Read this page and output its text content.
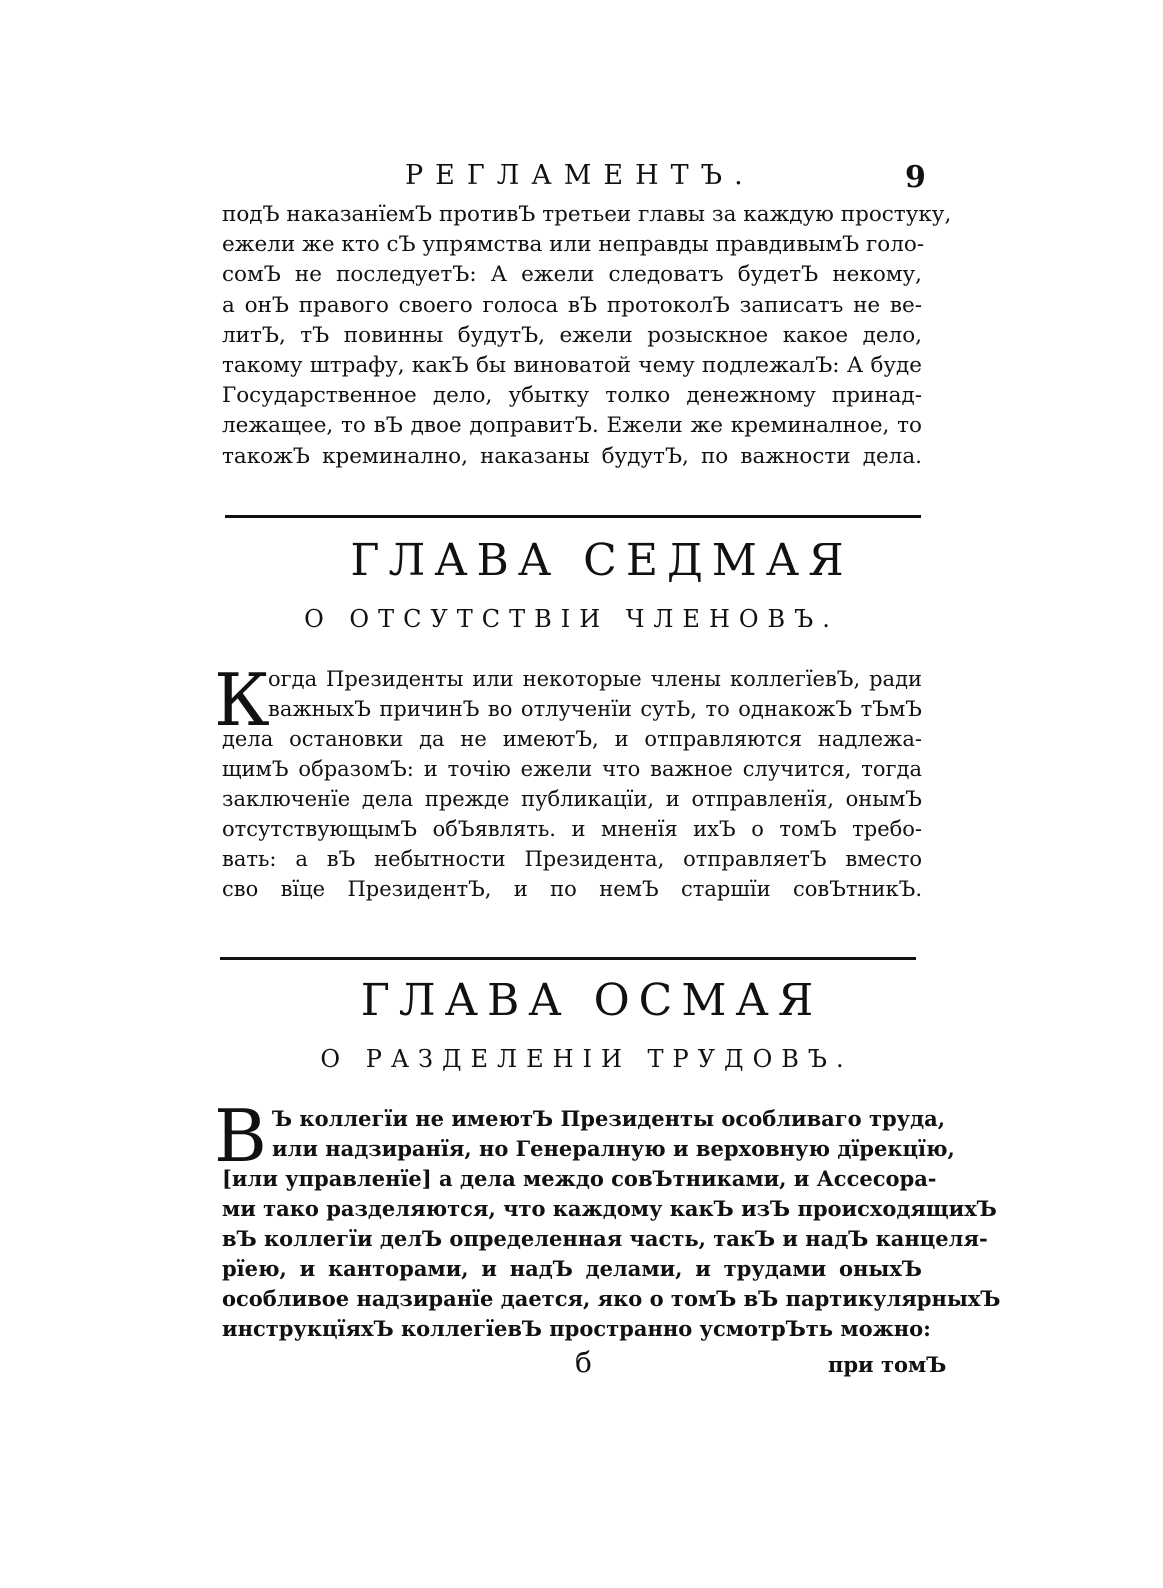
РЕГЛАМЕНТЪ.	9
подЪ наказанїемЪ противЪ третьеи главы за каждую простуку,
ежели же кто сЪ упрямства или неправды правдивымЪ голо-
сомЪ не последуетЪ: А ежели следоватъ будетЪ некому,
а онЪ правого своего голоса вЪ протоколЪ записатъ не ве-
литЪ, тЪ повинны будутЪ, ежели розыскное какое дело,
такому штрафу, какЪ бы виноватой чему подлежалЪ: А буде
Государственное дело, убытку толко денежному принад-
лежащее, то вЪ двое доправитЪ. Ежели же креминалное, то
такожЪ креминално, наказаны будутЪ, по важности дела.
ГЛАВА СЕДМАЯ
О ОТСУТСТВIИ ЧЛЕНОВЪ.
К
огда Президенты или некоторые члены коллегїевЪ, ради
важныхЪ причинЪ во отлученїи сутЬ, то однакожЪ тЪмЪ
дела остановки да не имеютЪ, и отправляются надлежа-
щимЪ образомЪ: и точію ежели что важное случится, тогда
заключенїе дела прежде публикацїи, и отправленїя, онымЪ
отсутствующымЪ обЪявлять. и мненїя ихЪ о томЪ требо-
вать: а вЪ небытности Президента, отправляетЪ вместо
сво вїце ПрезидентЪ, и по немЪ старшїи совЪтникЪ.
ГЛАВА ОСМАЯ
О РАЗДЕЛЕНIИ ТРУДОВЪ.
В Ъ коллегїи не имеютЪ Президенты особливаго труда,
или надзиранїя, но Генералную и верховную дїрекцїю,
[или управленїе] а дела междо совЪтниками, и Ассесора-
ми тако разделяются, что каждому какЪ изЪ происходящихЪ
вЪ коллегїи делЪ определенная часть, такЪ и надЪ канцеля-
рїею, и канторами, и надЪ делами, и трудами оныхЪ
особливое надзиранїе дается, яко о томЪ вЪ партикулярныхЪ
инструкцїяхЪ коллегїевЪ пространно усмотрЪть можно:
б	при томЪ
